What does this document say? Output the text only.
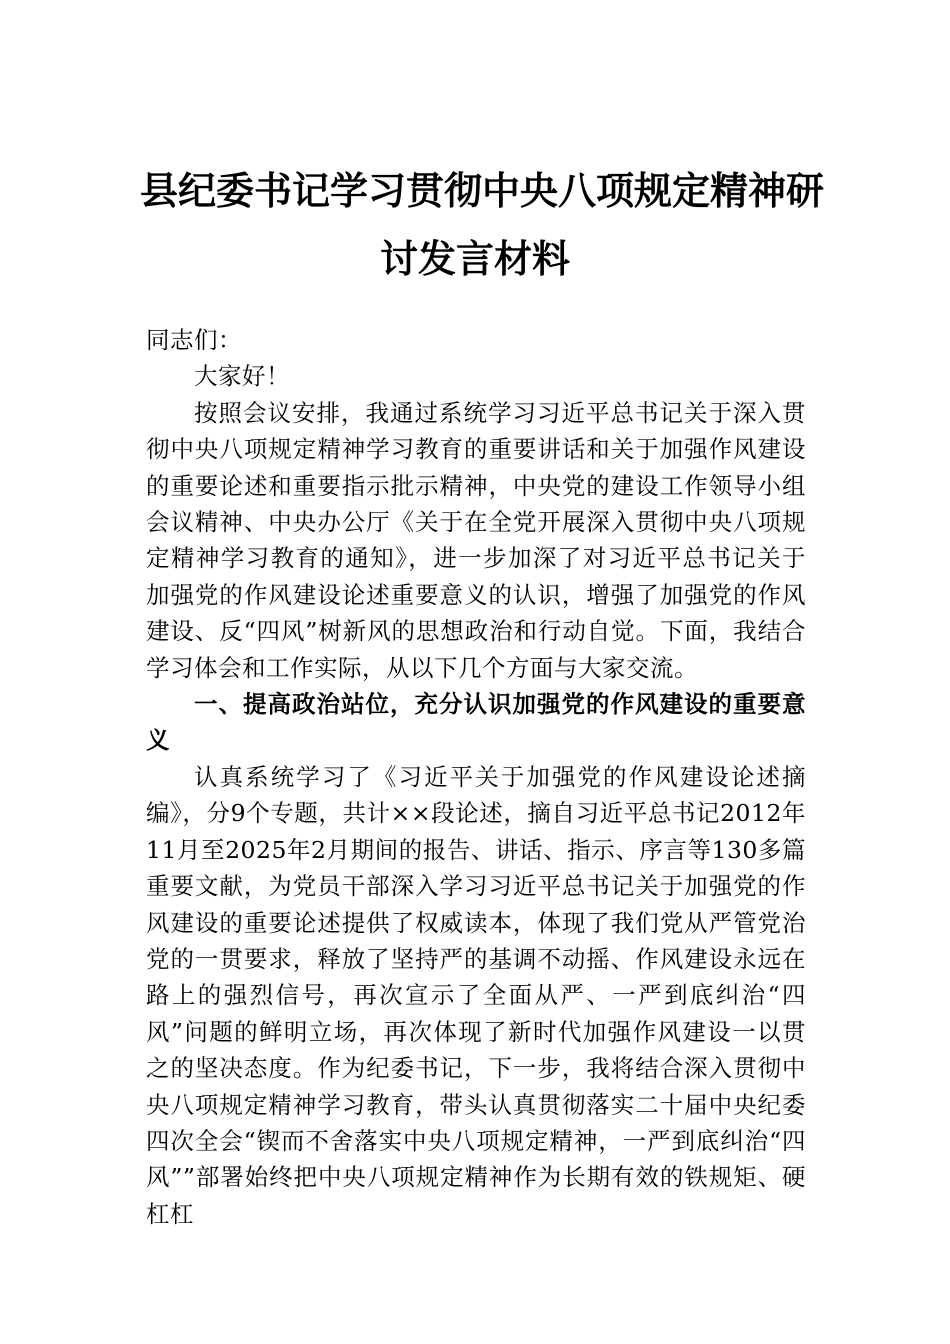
县纪委书记学习贯彻中央八项规定精神研
讨发言材料

同志们：

大家好！

按照会议安排，我通过系统学习习近平总书记关于深入贯彻中央八项规定精神学习教育的重要讲话和关于加强作风建设的重要论述和重要指示批示精神，中央党的建设工作领导小组会议精神、中央办公厅《关于在全党开展深入贯彻中央八项规定精神学习教育的通知》，进一步加深了对习近平总书记关于加强党的作风建设论述重要意义的认识，增强了加强党的作风建设、反“四风”树新风的思想政治和行动自觉。下面，我结合学习体会和工作实际，从以下几个方面与大家交流。

一、提高政治站位，充分认识加强党的作风建设的重要意义

认真系统学习了《习近平关于加强党的作风建设论述摘编》，分9个专题，共计××段论述，摘自习近平总书记2012年11月至2025年2月期间的报告、讲话、指示、序言等130多篇重要文献，为党员干部深入学习习近平总书记关于加强党的作风建设的重要论述提供了权威读本，体现了我们党从严管党治党的一贯要求，释放了坚持严的基调不动摇、作风建设永远在路上的强烈信号，再次宣示了全面从严、一严到底纠治“四风”问题的鲜明立场，再次体现了新时代加强作风建设一以贯之的坚决态度。作为纪委书记，下一步，我将结合深入贯彻中央八项规定精神学习教育，带头认真贯彻落实二十届中央纪委四次全会“锲而不舍落实中央八项规定精神，一严到底纠治“四风””部署始终把中央八项规定精神作为长期有效的铁规矩、硬杠杠
